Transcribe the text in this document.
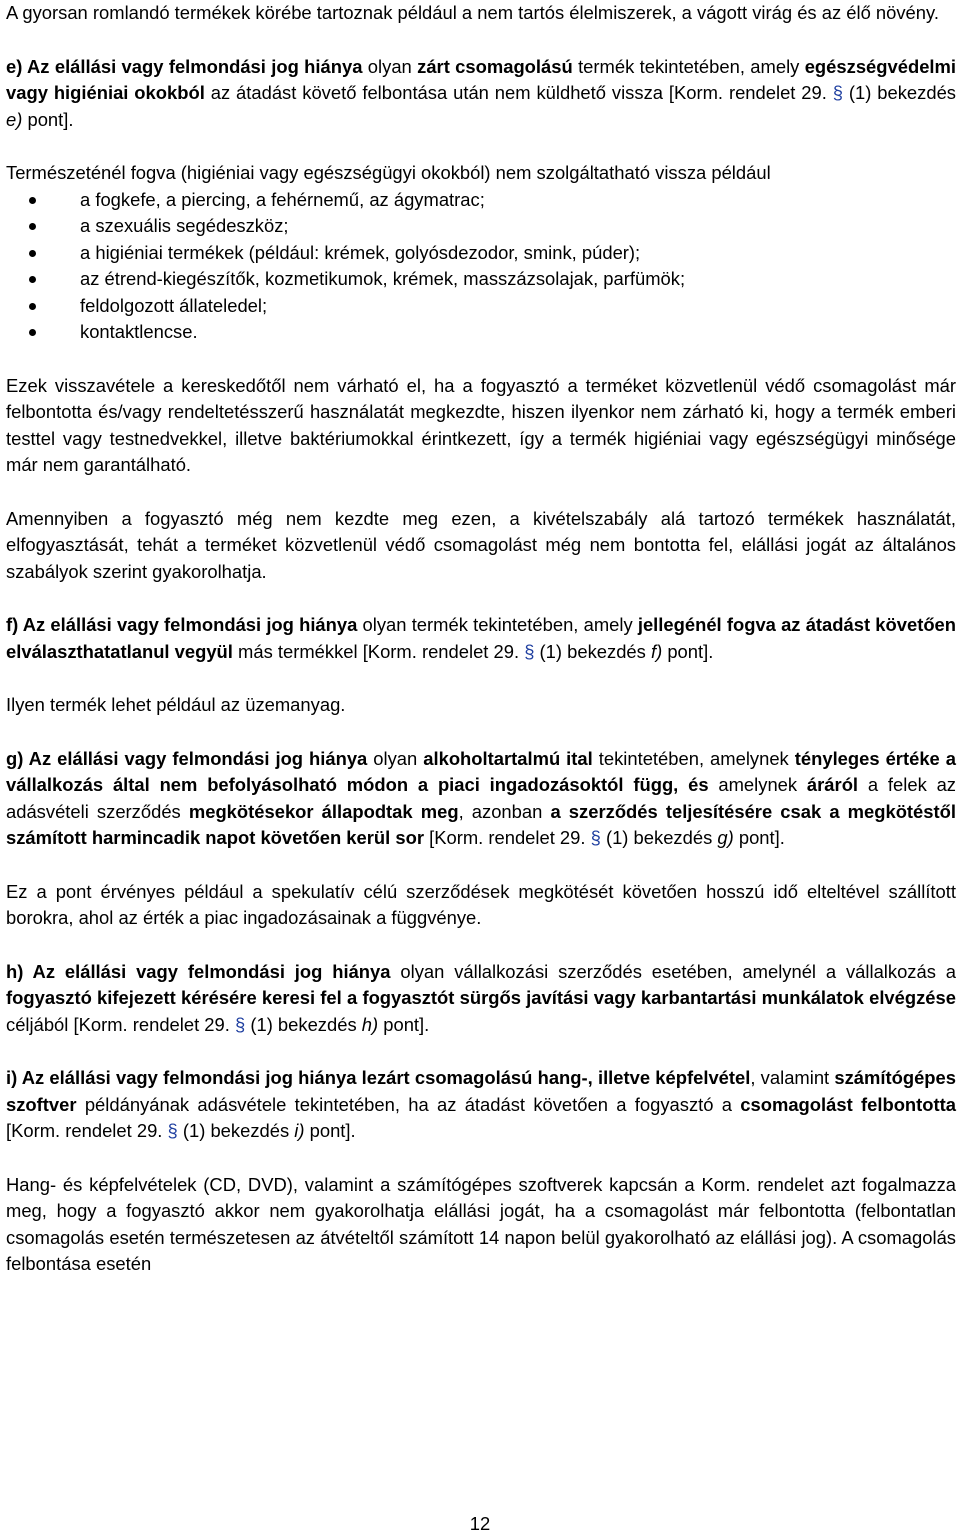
A gyorsan romlandó termékek körébe tartoznak például a nem tartós élelmiszerek, a vágott virág és az élő növény.

e) Az elállási vagy felmondási jog hiánya olyan zárt csomagolású termék tekintetében, amely egészségvédelmi vagy higiéniai okokból az átadást követő felbontása után nem küldhető vissza [Korm. rendelet 29. § (1) bekezdés e) pont].

Természeténél fogva (higiéniai vagy egészségügyi okokból) nem szolgáltatható vissza például

a fogkefe, a piercing, a fehérnemű, az ágymatrac;
a szexuális segédeszköz;
a higiéniai termékek (például: krémek, golyósdezodor, smink, púder);
az étrend-kiegészítők, kozmetikumok, krémek, masszázsolajak, parfümök;
feldolgozott állateledel;
kontaktlencse.

Ezek visszavétele a kereskedőtől nem várható el, ha a fogyasztó a terméket közvetlenül védő csomagolást már felbontotta és/vagy rendeltetésszerű használatát megkezdte, hiszen ilyenkor nem zárható ki, hogy a termék emberi testtel vagy testnedvekkel, illetve baktériumokkal érintkezett, így a termék higiéniai vagy egészségügyi minősége már nem garantálható.

Amennyiben a fogyasztó még nem kezdte meg ezen, a kivételszabály alá tartozó termékek használatát, elfogyasztását, tehát a terméket közvetlenül védő csomagolást még nem bontotta fel, elállási jogát az általános szabályok szerint gyakorolhatja.

f) Az elállási vagy felmondási jog hiánya olyan termék tekintetében, amely jellegénél fogva az átadást követően elválaszthatatlanul vegyül más termékkel [Korm. rendelet 29. § (1) bekezdés f) pont].

Ilyen termék lehet például az üzemanyag.

g) Az elállási vagy felmondási jog hiánya olyan alkoholtartalmú ital tekintetében, amelynek tényleges értéke a vállalkozás által nem befolyásolható módon a piaci ingadozásoktól függ, és amelynek áráról a felek az adásvételi szerződés megkötésekor állapodtak meg, azonban a szerződés teljesítésére csak a megkötéstől számított harmincadik napot követően kerül sor [Korm. rendelet 29. § (1) bekezdés g) pont].

Ez a pont érvényes például a spekulatív célú szerződések megkötését követően hosszú idő elteltével szállított borokra, ahol az érték a piac ingadozásainak a függvénye.

h) Az elállási vagy felmondási jog hiánya olyan vállalkozási szerződés esetében, amelynél a vállalkozás a fogyasztó kifejezett kérésére keresi fel a fogyasztót sürgős javítási vagy karbantartási munkálatok elvégzése céljából [Korm. rendelet 29. § (1) bekezdés h) pont].

i) Az elállási vagy felmondási jog hiánya lezárt csomagolású hang-, illetve képfelvétel, valamint számítógépes szoftver példányának adásvétele tekintetében, ha az átadást követően a fogyasztó a csomagolást felbontotta [Korm. rendelet 29. § (1) bekezdés i) pont].

Hang- és képfelvételek (CD, DVD), valamint a számítógépes szoftverek kapcsán a Korm. rendelet azt fogalmazza meg, hogy a fogyasztó akkor nem gyakorolhatja elállási jogát, ha a csomagolást már felbontotta (felbontatlan csomagolás esetén természetesen az átvételtől számított 14 napon belül gyakorolható az elállási jog). A csomagolás felbontása esetén

12
